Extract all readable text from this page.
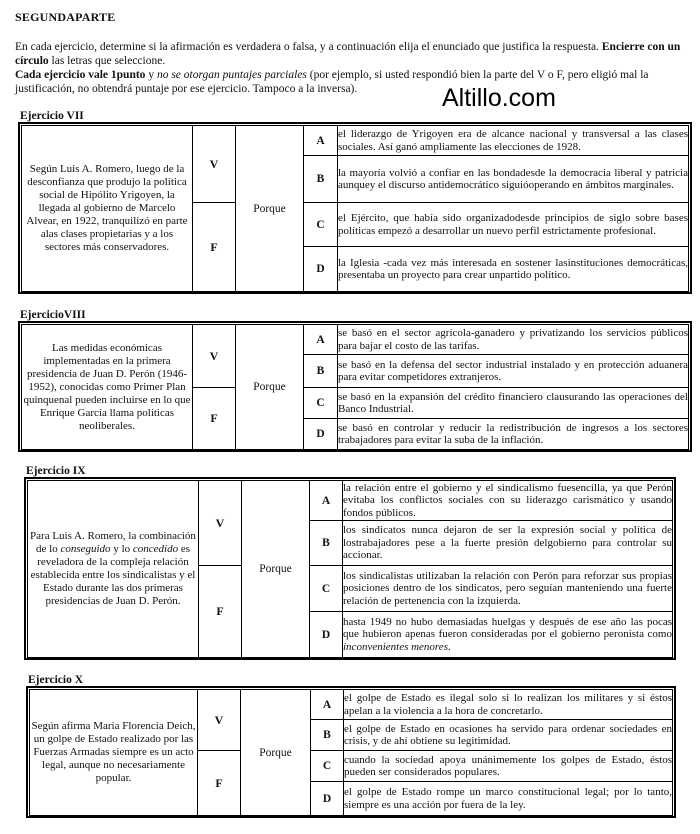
SEGUNDAPARTE
En cada ejercicio, determine si la afirmación es verdadera o falsa, y a continuación elija el enunciado que justifica la respuesta. Encierre con un círculo las letras que seleccione.
Cada ejercicio vale 1punto y no se otorgan puntajes parciales (por ejemplo, si usted respondió bien la parte del V o F, pero eligió mal la justificación, no obtendrá puntaje por ese ejercicio. Tampoco a la inversa).	Altillo.com
Ejercicio VII
Según Luis A. Romero, luego de la desconfianza que produjo la política social de Hipólito Yrigoyen, la llegada al gobierno de Marcelo Alvear, en 1922, tranquilizó en parte alas clases propietarias y a los sectores más conservadores.	V	Porque	A	el liderazgo de Yrigoyen era de alcance nacional y transversal a las clases sociales. Así ganó ampliamente las elecciones de 1928.
			B	la mayoría volvió a confiar en las bondadesde la democracia liberal y patricia aunquey el discurso antidemocrático siguióoperando en ámbitos marginales.
	F		C	el Ejército, que había sido organizadodesde principios de siglo sobre bases políticas empezó a desarrollar un nuevo perfil estrictamente profesional.
			D	la Iglesia -cada vez más interesada en sostener lasinstituciones democráticas, presentaba un proyecto para crear unpartido político.
EjercicioVIII
Las medidas económicas implementadas en la primera presidencia de Juan D. Perón (1946-1952), conocidas como Primer Plan quinquenal pueden incluirse en lo que Enrique García llama políticas neoliberales.	V	Porque	A	se basó en el sector agrícola-ganadero y privatizando los servicios públicos para bajar el costo de las tarifas.
			B	se basó en la defensa del sector industrial instalado y en protección aduanera para evitar competidores extranjeros.
	F		C	se basó en la expansión del crédito financiero clausurando las operaciones del Banco Industrial.
			D	se basó en controlar y reducir la redistribución de ingresos a los sectores trabajadores para evitar la suba de la inflación.
Ejercicio IX
Para Luis A. Romero, la combinación de lo conseguido y lo concedido es reveladora de la compleja relación establecida entre los sindicalistas y el Estado durante las dos primeras presidencias de Juan D. Perón.	V	Porque	A	la relación entre el gobierno y el sindicalismo fuesencilla, ya que Perón evitaba los conflictos sociales con su liderazgo carismático y usando fondos públicos.
			B	los sindicatos nunca dejaron de ser la expresión social y política de lostrabajadores pese a la fuerte presión delgobierno para controlar su accionar.
	F		C	los sindicalistas utilizaban la relación con Perón para reforzar sus propias posiciones dentro de los sindicatos, pero seguían manteniendo una fuerte relación de pertenencia con la izquierda.
			D	hasta 1949 no hubo demasiadas huelgas y después de ese año las pocas que hubieron apenas fueron consideradas por el gobierno peronista como inconvenientes menores.
Ejercicio X
Según afirma María Florencia Deich, un golpe de Estado realizado por las Fuerzas Armadas siempre es un acto legal, aunque no necesariamente popular.	V	Porque	A	el golpe de Estado es ilegal solo si lo realizan los militares y si éstos apelan a la violencia a la hora de concretarlo.
			B	el golpe de Estado en ocasiones ha servido para ordenar sociedades en crisis, y de ahí obtiene su legitimidad.
	F		C	cuando la sociedad apoya unánimemente los golpes de Estado, éstos pueden ser considerados populares.
			D	el golpe de Estado rompe un marco constitucional legal; por lo tanto, siempre es una acción por fuera de la ley.
